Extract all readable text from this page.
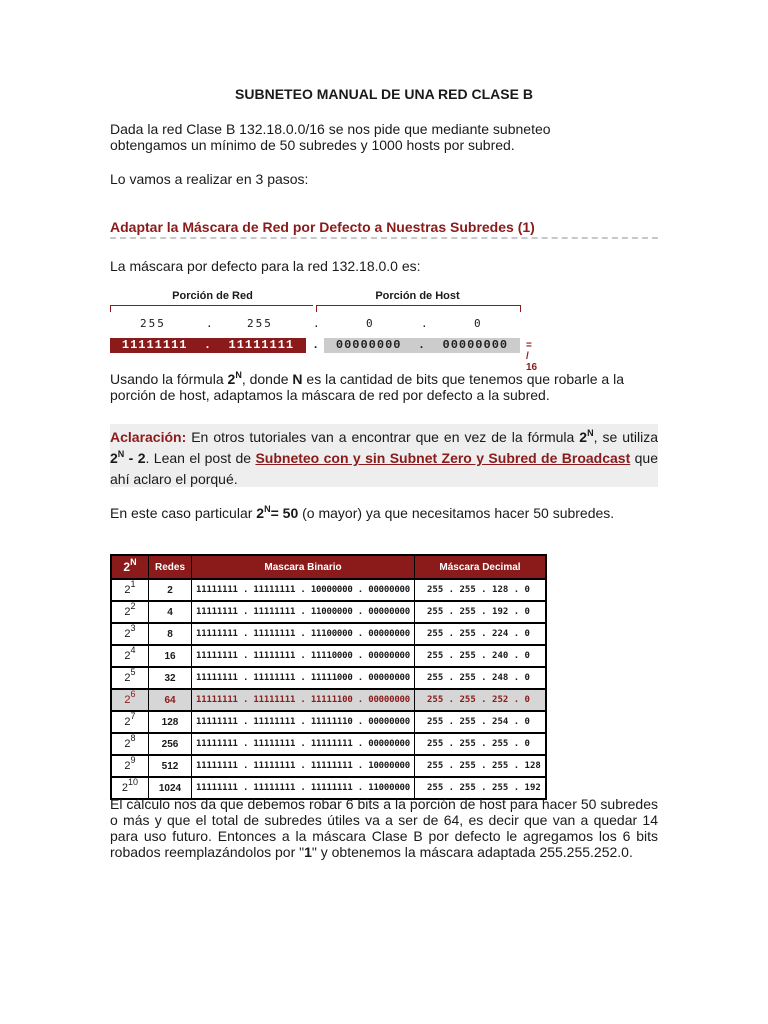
SUBNETEO MANUAL DE UNA RED CLASE B
Dada la red Clase B 132.18.0.0/16 se nos pide que mediante subneteo
obtengamos un mínimo de 50 subredes y 1000 hosts por subred.
Lo vamos a realizar en 3 pasos:
Adaptar la Máscara de Red por Defecto a Nuestras Subredes (1)
La máscara por defecto para la red 132.18.0.0 es:
Porción de Red	Porción de Host
255	.	255	.	0	.	0
11111111  .  11111111	.	00000000  .  00000000	= / 16
Usando la fórmula $2^N$, donde N es la cantidad de bits que tenemos que robarle a la porción de host, adaptamos la máscara de red por defecto a la subred.
Aclaración: En otros tutoriales van a encontrar que en vez de la fórmula $2^N$, se utiliza $2^N - 2$. Lean el post de Subneteo con y sin Subnet Zero y Subred de Broadcast que ahí aclaro el porqué.
En este caso particular $2^N= 50$ (o mayor) ya que necesitamos hacer 50 subredes.
$2^N$	Redes	Mascara Binario	Máscara Decimal
$2^1$	2	11111111 . 11111111 . 10000000 . 00000000	255 . 255 . 128 . 0
$2^2$	4	11111111 . 11111111 . 11000000 . 00000000	255 . 255 . 192 . 0
$2^3$	8	11111111 . 11111111 . 11100000 . 00000000	255 . 255 . 224 . 0
$2^4$	16	11111111 . 11111111 . 11110000 . 00000000	255 . 255 . 240 . 0
$2^5$	32	11111111 . 11111111 . 11111000 . 00000000	255 . 255 . 248 . 0
$2^6$	64	11111111 . 11111111 . 11111100 . 00000000	255 . 255 . 252 . 0
$2^7$	128	11111111 . 11111111 . 11111110 . 00000000	255 . 255 . 254 . 0
$2^8$	256	11111111 . 11111111 . 11111111 . 00000000	255 . 255 . 255 . 0
$2^9$	512	11111111 . 11111111 . 11111111 . 10000000	255 . 255 . 255 . 128
$2^{10}$	1024	11111111 . 11111111 . 11111111 . 11000000	255 . 255 . 255 . 192
El cálculo nos da que debemos robar 6 bits a la porción de host para hacer 50 subredes o más y que el total de subredes útiles va a ser de 64, es decir que van a quedar 14 para uso futuro. Entonces a la máscara Clase B por defecto le agregamos los 6 bits robados reemplazándolos por "1" y obtenemos la máscara adaptada 255.255.252.0.
